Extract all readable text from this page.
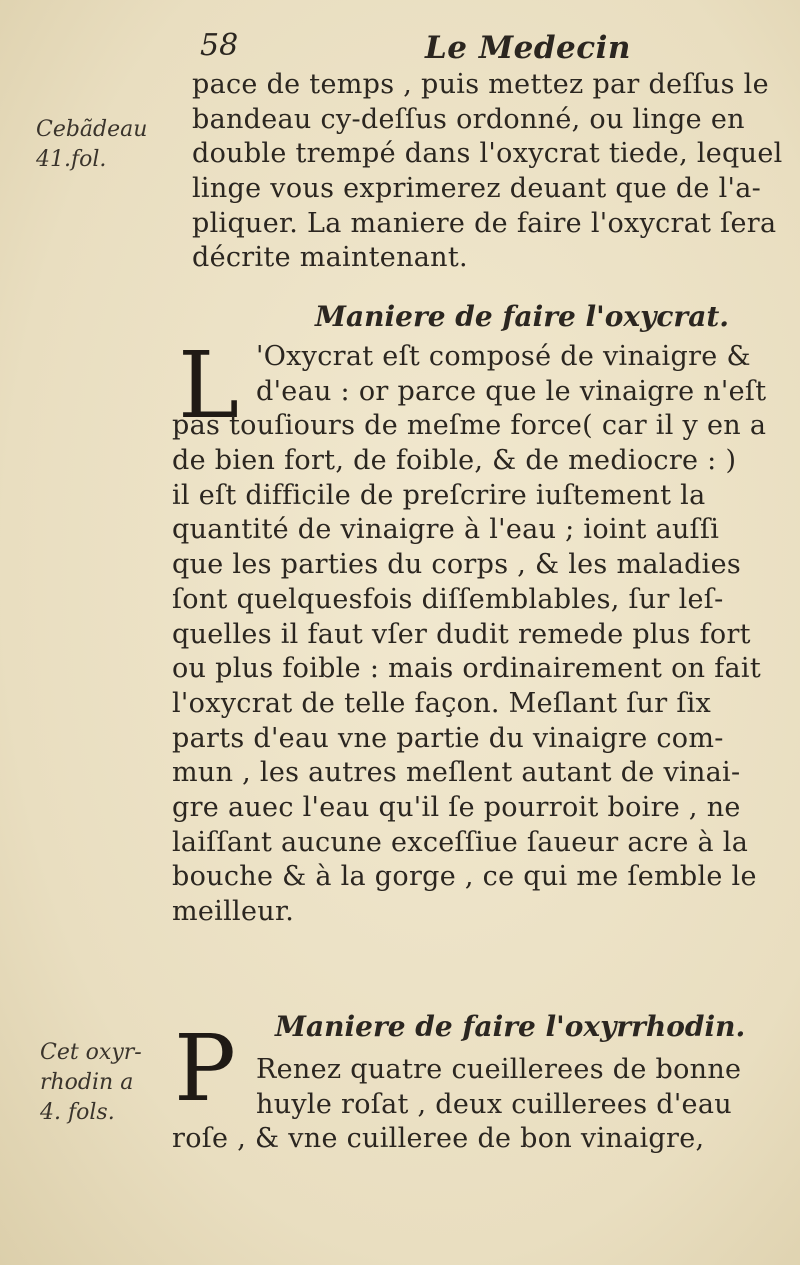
58	Le Medecin
Cebãdeau
41.fol.
Cet oxyr-
rhodin a
4. fols.
pace de temps , puis mettez par deſſus le
bandeau cy-deſſus ordonné, ou linge en
double trempé dans l'oxycrat tiede, lequel
linge vous exprimerez deuant que de l'a-
pliquer. La maniere de faire l'oxycrat ſera
décrite maintenant.
Maniere de faire l'oxycrat.
L 'Oxycrat eſt composé de vinaigre &
d'eau : or parce que le vinaigre n'eſt
pas touſiours de meſme force( car il y en a
de bien fort, de foible, & de mediocre : )
il eſt difficile de preſcrire iuſtement la
quantité de vinaigre à l'eau ; ioint auſſi
que les parties du corps , & les maladies
ſont quelquesfois diſſemblables, ſur leſ-
quelles il faut vſer dudit remede plus fort
ou plus foible : mais ordinairement on fait
l'oxycrat de telle façon. Meſlant ſur ſix
parts d'eau vne partie du vinaigre com-
mun , les autres meſlent autant de vinai-
gre auec l'eau qu'il ſe pourroit boire , ne
laiſſant aucune exceſſiue ſaueur acre à la
bouche & à la gorge , ce qui me ſemble le
meilleur.
Maniere de faire l'oxyrrhodin.
P Renez quatre cueillerees de bonne
huyle roſat , deux cuillerees d'eau
roſe , & vne cuilleree de bon vinaigre,
